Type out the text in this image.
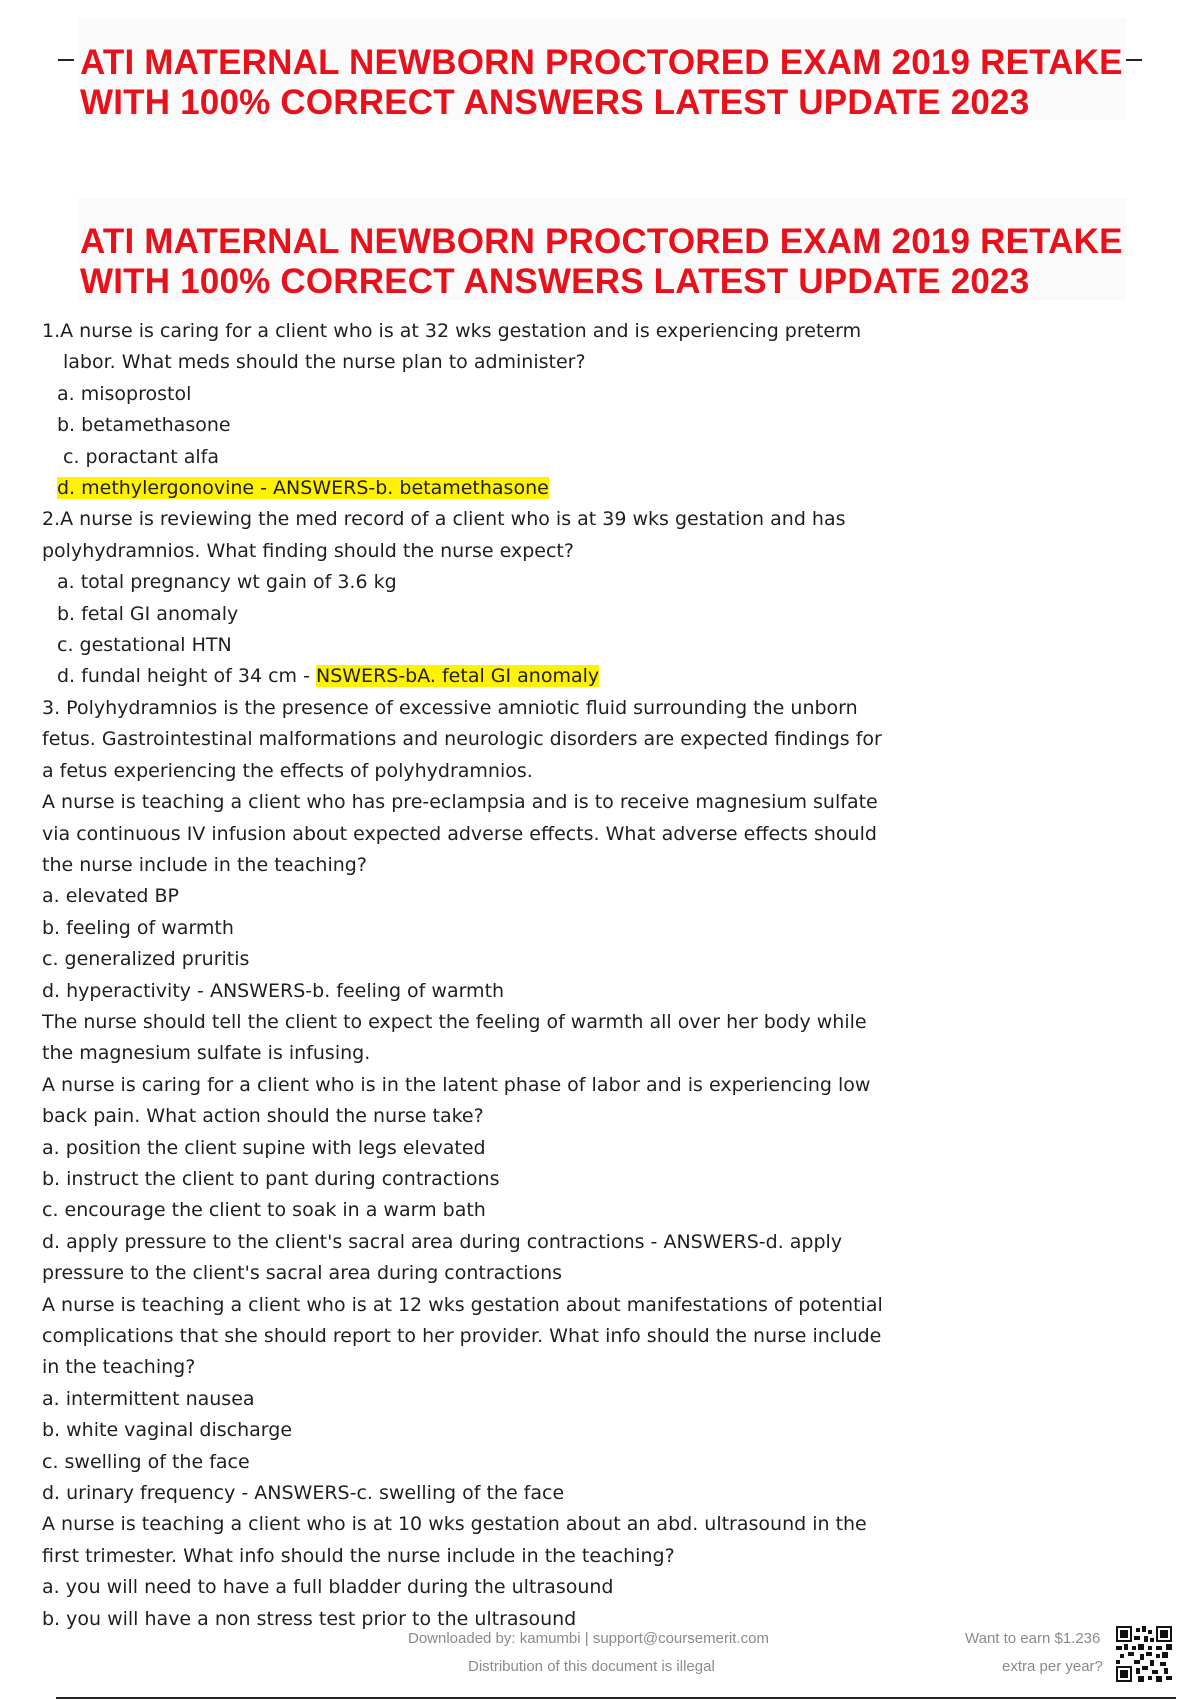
ATI MATERNAL NEWBORN PROCTORED EXAM 2019 RETAKE
WITH 100% CORRECT ANSWERS LATEST UPDATE 2023
ATI MATERNAL NEWBORN PROCTORED EXAM 2019 RETAKE
WITH 100% CORRECT ANSWERS LATEST UPDATE 2023

1.A nurse is caring for a client who is at 32 wks gestation and is experiencing preterm

labor. What meds should the nurse plan to administer?

a. misoprostol

b. betamethasone

c. poractant alfa

d. methylergonovine - ANSWERS-b. betamethasone

2.A nurse is reviewing the med record of a client who is at 39 wks gestation and has

polyhydramnios. What finding should the nurse expect?

a. total pregnancy wt gain of 3.6 kg

b. fetal GI anomaly

c. gestational HTN

d. fundal height of 34 cm - NSWERS-bA. fetal GI anomaly

3. Polyhydramnios is the presence of excessive amniotic fluid surrounding the unborn

fetus. Gastrointestinal malformations and neurologic disorders are expected findings for

a fetus experiencing the effects of polyhydramnios.

A nurse is teaching a client who has pre-eclampsia and is to receive magnesium sulfate

via continuous IV infusion about expected adverse effects. What adverse effects should

the nurse include in the teaching?

a. elevated BP

b. feeling of warmth

c. generalized pruritis

d. hyperactivity - ANSWERS-b. feeling of warmth

The nurse should tell the client to expect the feeling of warmth all over her body while

the magnesium sulfate is infusing.

A nurse is caring for a client who is in the latent phase of labor and is experiencing low

back pain. What action should the nurse take?

a. position the client supine with legs elevated

b. instruct the client to pant during contractions

c. encourage the client to soak in a warm bath

d. apply pressure to the client's sacral area during contractions - ANSWERS-d. apply

pressure to the client's sacral area during contractions

A nurse is teaching a client who is at 12 wks gestation about manifestations of potential

complications that she should report to her provider. What info should the nurse include

in the teaching?

a. intermittent nausea

b. white vaginal discharge

c. swelling of the face

d. urinary frequency - ANSWERS-c. swelling of the face

A nurse is teaching a client who is at 10 wks gestation about an abd. ultrasound in the

first trimester. What info should the nurse include in the teaching?

a. you will need to have a full bladder during the ultrasound

b. you will have a non stress test prior to the ultrasound

Downloaded by: kamumbi | support@coursemerit.com
Distribution of this document is illegal
Want to earn $1.236
extra per year?
